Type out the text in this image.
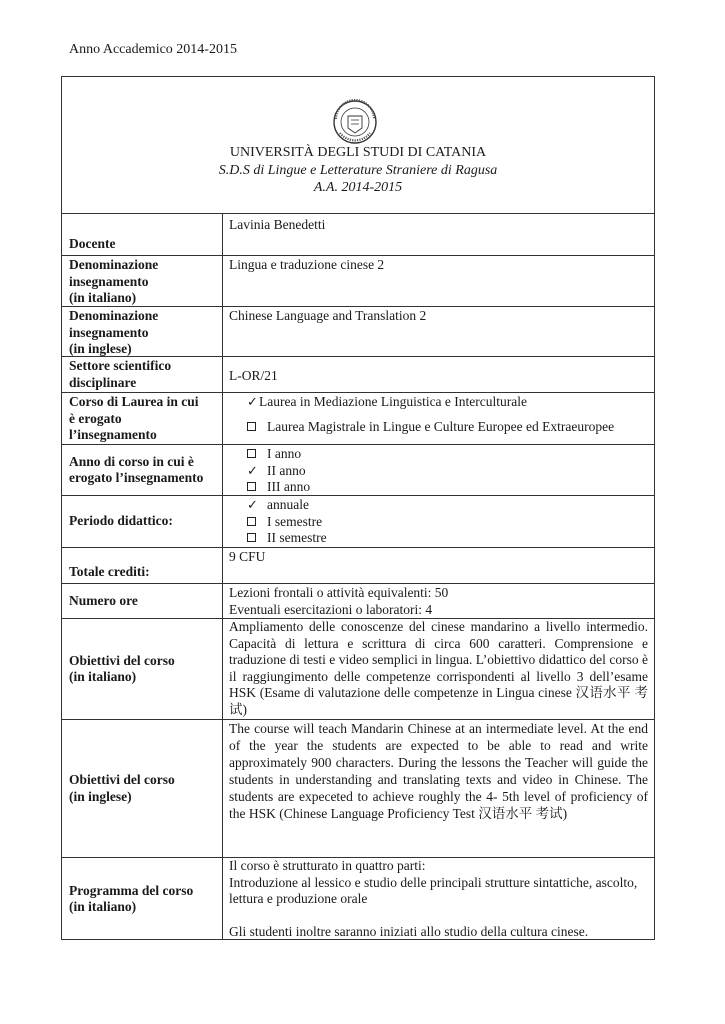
Anno Accademico 2014-2015
UNIVERSITÀ DEGLI STUDI DI CATANIA
S.D.S di Lingue e Letterature Straniere di Ragusa
A.A. 2014-2015
Docente
Lavinia Benedetti
Denominazione
insegnamento
(in italiano)
Lingua e traduzione cinese 2
Denominazione
insegnamento
(in inglese)
Chinese Language and Translation 2
Settore scientifico
disciplinare	L-OR/21
Corso di Laurea in cui
è erogato
l’insegnamento
✓Laurea in Mediazione Linguistica e Interculturale
Laurea Magistrale in Lingue e Culture Europee ed Extraeuropee
Anno di corso in cui è
erogato l’insegnamento
I anno
✓ II anno
III anno
Periodo didattico:
✓ annuale
I semestre
II semestre
Totale crediti:
9 CFU
Numero ore
Lezioni frontali o attività equivalenti: 50
Eventuali esercitazioni o laboratori: 4
Obiettivi del corso
(in italiano)
Ampliamento delle conoscenze del cinese mandarino a livello intermedio. Capacità di lettura e scrittura di circa 600 caratteri. Comprensione e traduzione di testi e video semplici in lingua. L’obiettivo didattico del corso è il raggiungimento delle competenze corrispondenti al livello 3 dell’esame HSK (Esame di valutazione delle competenze in Lingua cinese 汉语水平 考试)
Obiettivi del corso
(in inglese)
The course will teach Mandarin Chinese at an intermediate level. At the end of the year the students are expected to be able to read and write approximately 900 characters. During the lessons the Teacher will guide the students in understanding and translating texts and video in Chinese. The students are expeceted to achieve roughly the 4- 5th level of proficiency of the HSK (Chinese Language Proficiency Test 汉语水平 考试)
Programma del corso
(in italiano)
Il corso è strutturato in quattro parti:
Introduzione al lessico e studio delle principali strutture sintattiche, ascolto, lettura e produzione orale
Gli studenti inoltre saranno iniziati allo studio della cultura cinese.
